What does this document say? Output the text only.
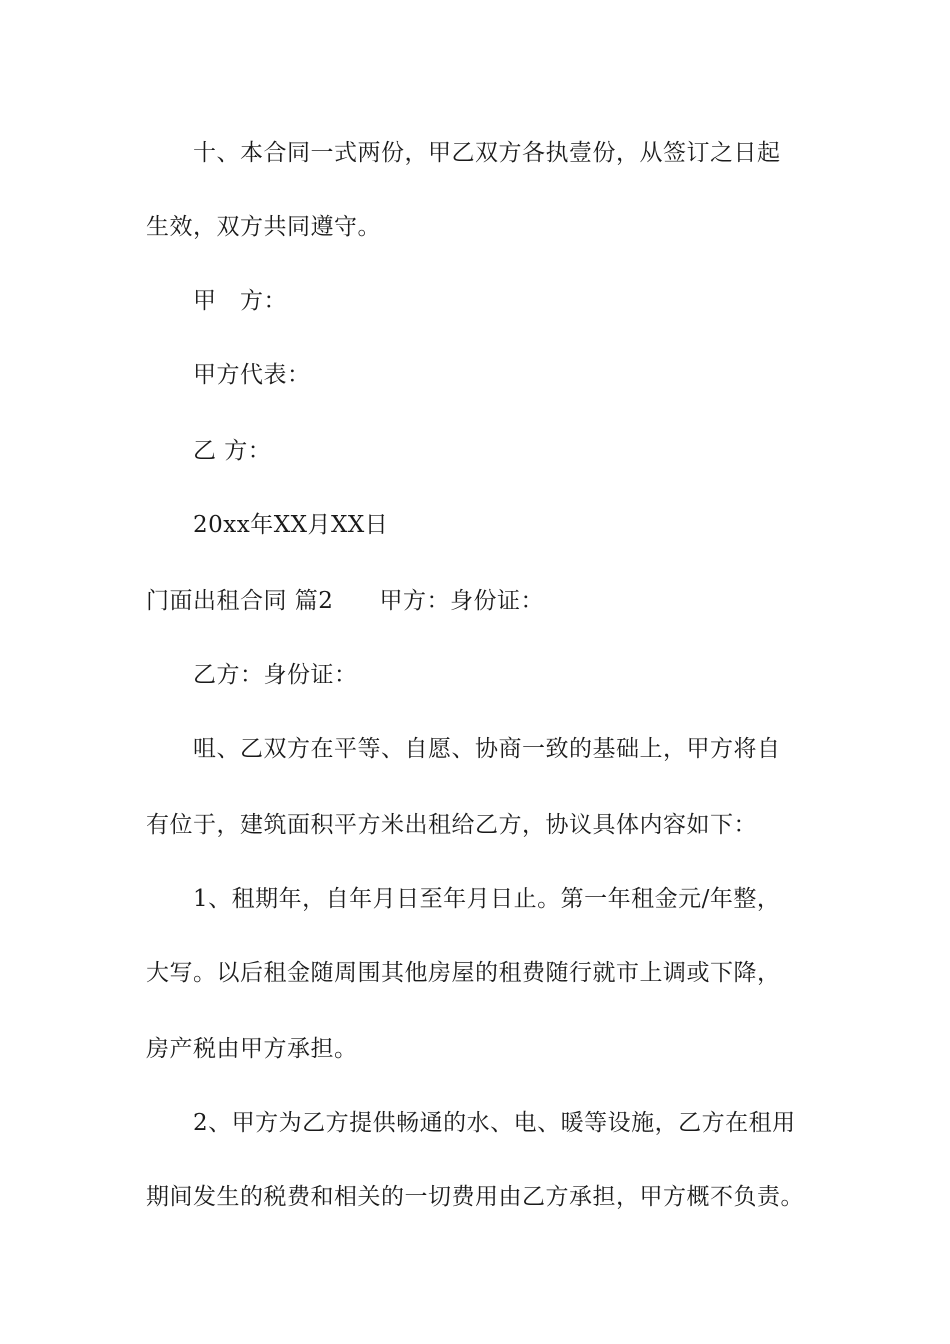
十、本合同一式两份，甲乙双方各执壹份，从签订之日起
生效，双方共同遵守。
甲　方：
甲方代表：
乙 方：
20xx年XX月XX日
门面出租合同 篇2 甲方：身份证：
乙方：身份证：
咀、乙双方在平等、自愿、协商一致的基础上，甲方将自
有位于，建筑面积平方米出租给乙方，协议具体内容如下：
1、租期年，自年月日至年月日止。第一年租金元/年整，
大写。以后租金随周围其他房屋的租费随行就市上调或下降，
房产税由甲方承担。
2、甲方为乙方提供畅通的水、电、暖等设施，乙方在租用
期间发生的税费和相关的一切费用由乙方承担，甲方概不负责。
